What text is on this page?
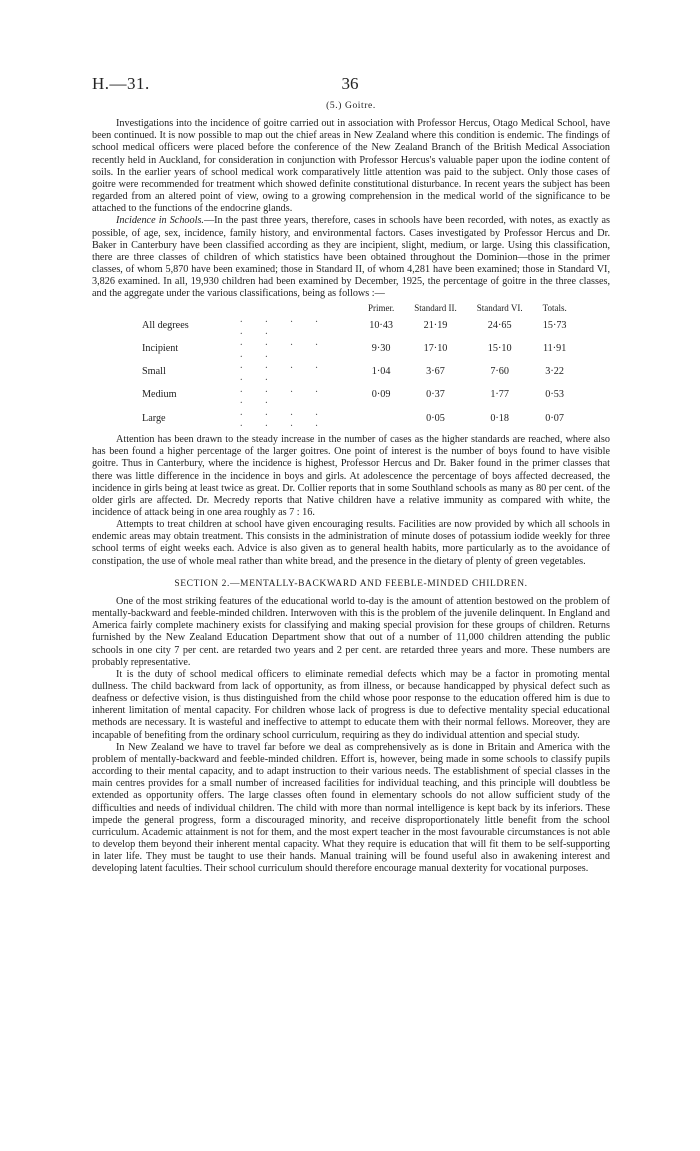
H.—31.	36
(5.) Goitre.

Investigations into the incidence of goitre carried out in association with Professor Hercus, Otago Medical School, have been continued. It is now possible to map out the chief areas in New Zealand where this condition is endemic. The findings of school medical officers were placed before the conference of the New Zealand Branch of the British Medical Association recently held in Auckland, for consideration in conjunction with Professor Hercus's valuable paper upon the iodine content of soils. In the earlier years of school medical work comparatively little attention was paid to the subject. Only those cases of goitre were recommended for treatment which showed definite constitutional disturbance. In recent years the subject has been regarded from an altered point of view, owing to a growing comprehension in the medical world of the significance to be attached to the functions of the endocrine glands.

Incidence in Schools.—In the past three years, therefore, cases in schools have been recorded, with notes, as exactly as possible, of age, sex, incidence, family history, and environmental factors. Cases investigated by Professor Hercus and Dr. Baker in Canterbury have been classified according as they are incipient, slight, medium, or large. Using this classification, there are three classes of children of which statistics have been obtained throughout the Dominion—those in the primer classes, of whom 5,870 have been examined; those in Standard II, of whom 4,281 have been examined; those in Standard VI, 3,826 examined. In all, 19,930 children had been examined by December, 1925, the percentage of goitre in the three classes, and the aggregate under the various classifications, being as follows :—

		Primer.	Standard II.	Standard VI.	Totals.
All degrees	. . . . . .	10·43	21·19	24·65	15·73
Incipient	. . . . . .	9·30	17·10	15·10	11·91
Small	. . . . . .	1·04	3·67	7·60	3·22
Medium	. . . . . .	0·09	0·37	1·77	0·53
Large	. . . . . . . .		0·05	0·18	0·07

Attention has been drawn to the steady increase in the number of cases as the higher standards are reached, where also has been found a higher percentage of the larger goitres. One point of interest is the number of boys found to have visible goitre. Thus in Canterbury, where the incidence is highest, Professor Hercus and Dr. Baker found in the primer classes that there was little difference in the incidence in boys and girls. At adolescence the percentage of boys affected decreased, the incidence in girls being at least twice as great. Dr. Collier reports that in some Southland schools as many as 80 per cent. of the older girls are affected. Dr. Mecredy reports that Native children have a relative immunity as compared with white, the incidence of attack being in one area roughly as 7 : 16.

Attempts to treat children at school have given encouraging results. Facilities are now provided by which all schools in endemic areas may obtain treatment. This consists in the administration of minute doses of potassium iodide weekly for three school terms of eight weeks each. Advice is also given as to general health habits, more particularly as to the avoidance of constipation, the use of whole meal rather than white bread, and the presence in the dietary of plenty of green vegetables.

SECTION 2.—MENTALLY-BACKWARD AND FEEBLE-MINDED CHILDREN.

One of the most striking features of the educational world to-day is the amount of attention bestowed on the problem of mentally-backward and feeble-minded children. Interwoven with this is the problem of the juvenile delinquent. In England and America fairly complete machinery exists for classifying and making special provision for these groups of children. Returns furnished by the New Zealand Education Department show that out of a number of 11,000 children attending the public schools in one city 7 per cent. are retarded two years and 2 per cent. are retarded three years and more. These numbers are probably representative.

It is the duty of school medical officers to eliminate remedial defects which may be a factor in promoting mental dullness. The child backward from lack of opportunity, as from illness, or because handicapped by physical defect such as deafness or defective vision, is thus distinguished from the child whose poor response to the education offered him is due to inherent limitation of mental capacity. For children whose lack of progress is due to defective mentality special educational methods are necessary. It is wasteful and ineffective to attempt to educate them with their normal fellows. Moreover, they are incapable of benefiting from the ordinary school curriculum, requiring as they do individual attention and special study.

In New Zealand we have to travel far before we deal as comprehensively as is done in Britain and America with the problem of mentally-backward and feeble-minded children. Effort is, however, being made in some schools to classify pupils according to their mental capacity, and to adapt instruction to their various needs. The establishment of special classes in the main centres provides for a small number of increased facilities for individual teaching, and this principle will doubtless be extended as opportunity offers. The large classes often found in elementary schools do not allow sufficient study of the difficulties and needs of individual children. The child with more than normal intelligence is kept back by its inferiors. These impede the general progress, form a discouraged minority, and receive disproportionately little benefit from the school curriculum. Academic attainment is not for them, and the most expert teacher in the most favourable circumstances is not able to develop them beyond their inherent mental capacity. What they require is education that will fit them to be self-supporting in later life. They must be taught to use their hands. Manual training will be found useful also in awakening interest and developing latent faculties. Their school curriculum should therefore encourage manual dexterity for vocational purposes.
